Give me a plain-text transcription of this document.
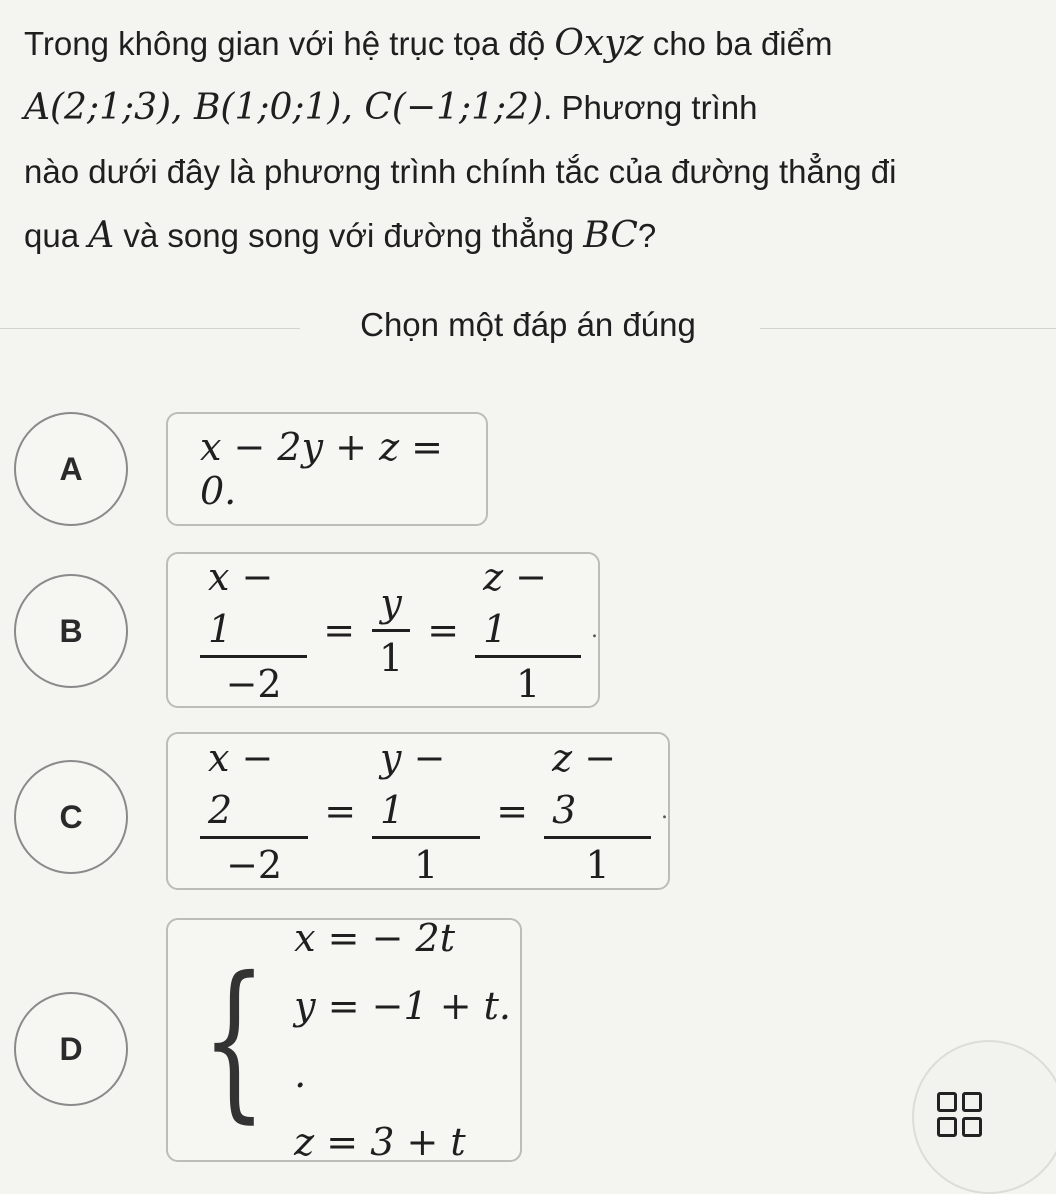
Trong không gian với hệ trục tọa độ Oxyz cho ba điểm
A(2;1;3), B(1;0;1), C(−1;1;2). Phương trình
nào dưới đây là phương trình chính tắc của đường thẳng đi
qua A và song song với đường thẳng BC?
Chọn một đáp án đúng
A	x − 2y + z = 0.
B	$\frac{x - 1}{-2} = \frac{y}{1} = \frac{z - 1}{1}$ .
C	$\frac{x - 2}{-2} = \frac{y - 1}{1} = \frac{z - 3}{1}$ .
D {
x = − 2t
y = −1 + t. .
z = 3 + t
